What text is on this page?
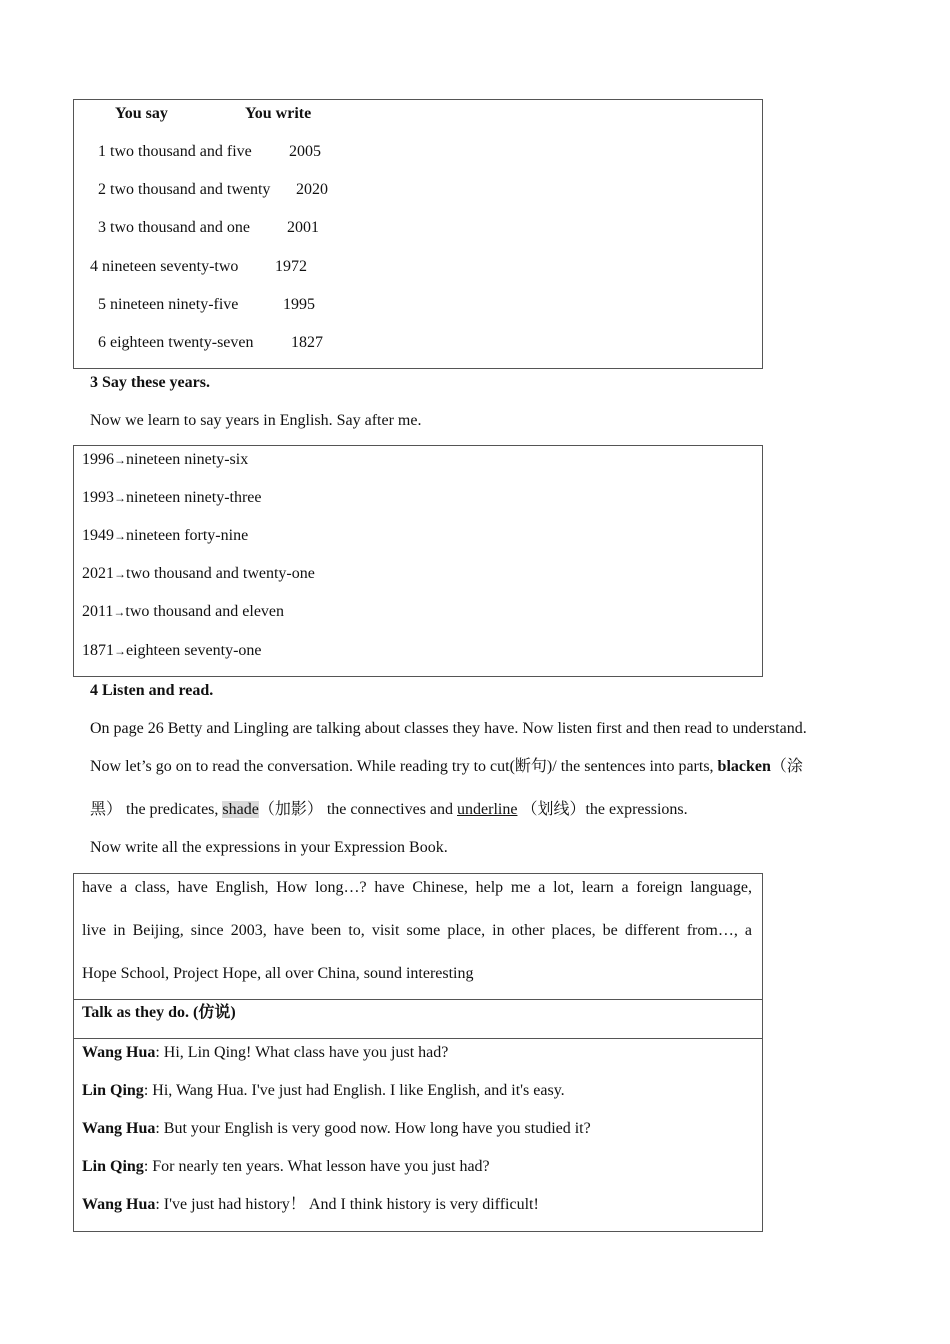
You say	You write
1 two thousand and five 2005
2 two thousand and twenty 2020
3 two thousand and one 2001
4 nineteen seventy-two 1972
5 nineteen ninety-five	1995
6 eighteen twenty-seven 1827
3 Say these years.
Now we learn to say years in English. Say after me.
1996→nineteen ninety-six
1993→nineteen ninety-three
1949→nineteen forty-nine
2021→two thousand and twenty-one
2011→two thousand and eleven
1871→eighteen seventy-one
4 Listen and read.
On page 26 Betty and Lingling are talking about classes they have. Now listen first and then read to understand.
Now let’s go on to read the conversation. While reading try to cut(断句)/ the sentences into parts, blacken（涂
黑） the predicates, shade（加影） the connectives and underline （划线）the expressions.
Now write all the expressions in your Expression Book.
have a class, have English, How long…? have Chinese, help me a lot, learn a foreign language,
live in Beijing, since 2003, have been to, visit some place, in other places, be different from…, a
Hope School, Project Hope, all over China, sound interesting
Talk as they do. (仿说)
Wang Hua: Hi, Lin Qing! What class have you just had?
Lin Qing: Hi, Wang Hua. I've just had English. I like English, and it's easy.
Wang Hua: But your English is very good now. How long have you studied it?
Lin Qing: For nearly ten years. What lesson have you just had?
Wang Hua: I've just had history！ And I think history is very difficult!
